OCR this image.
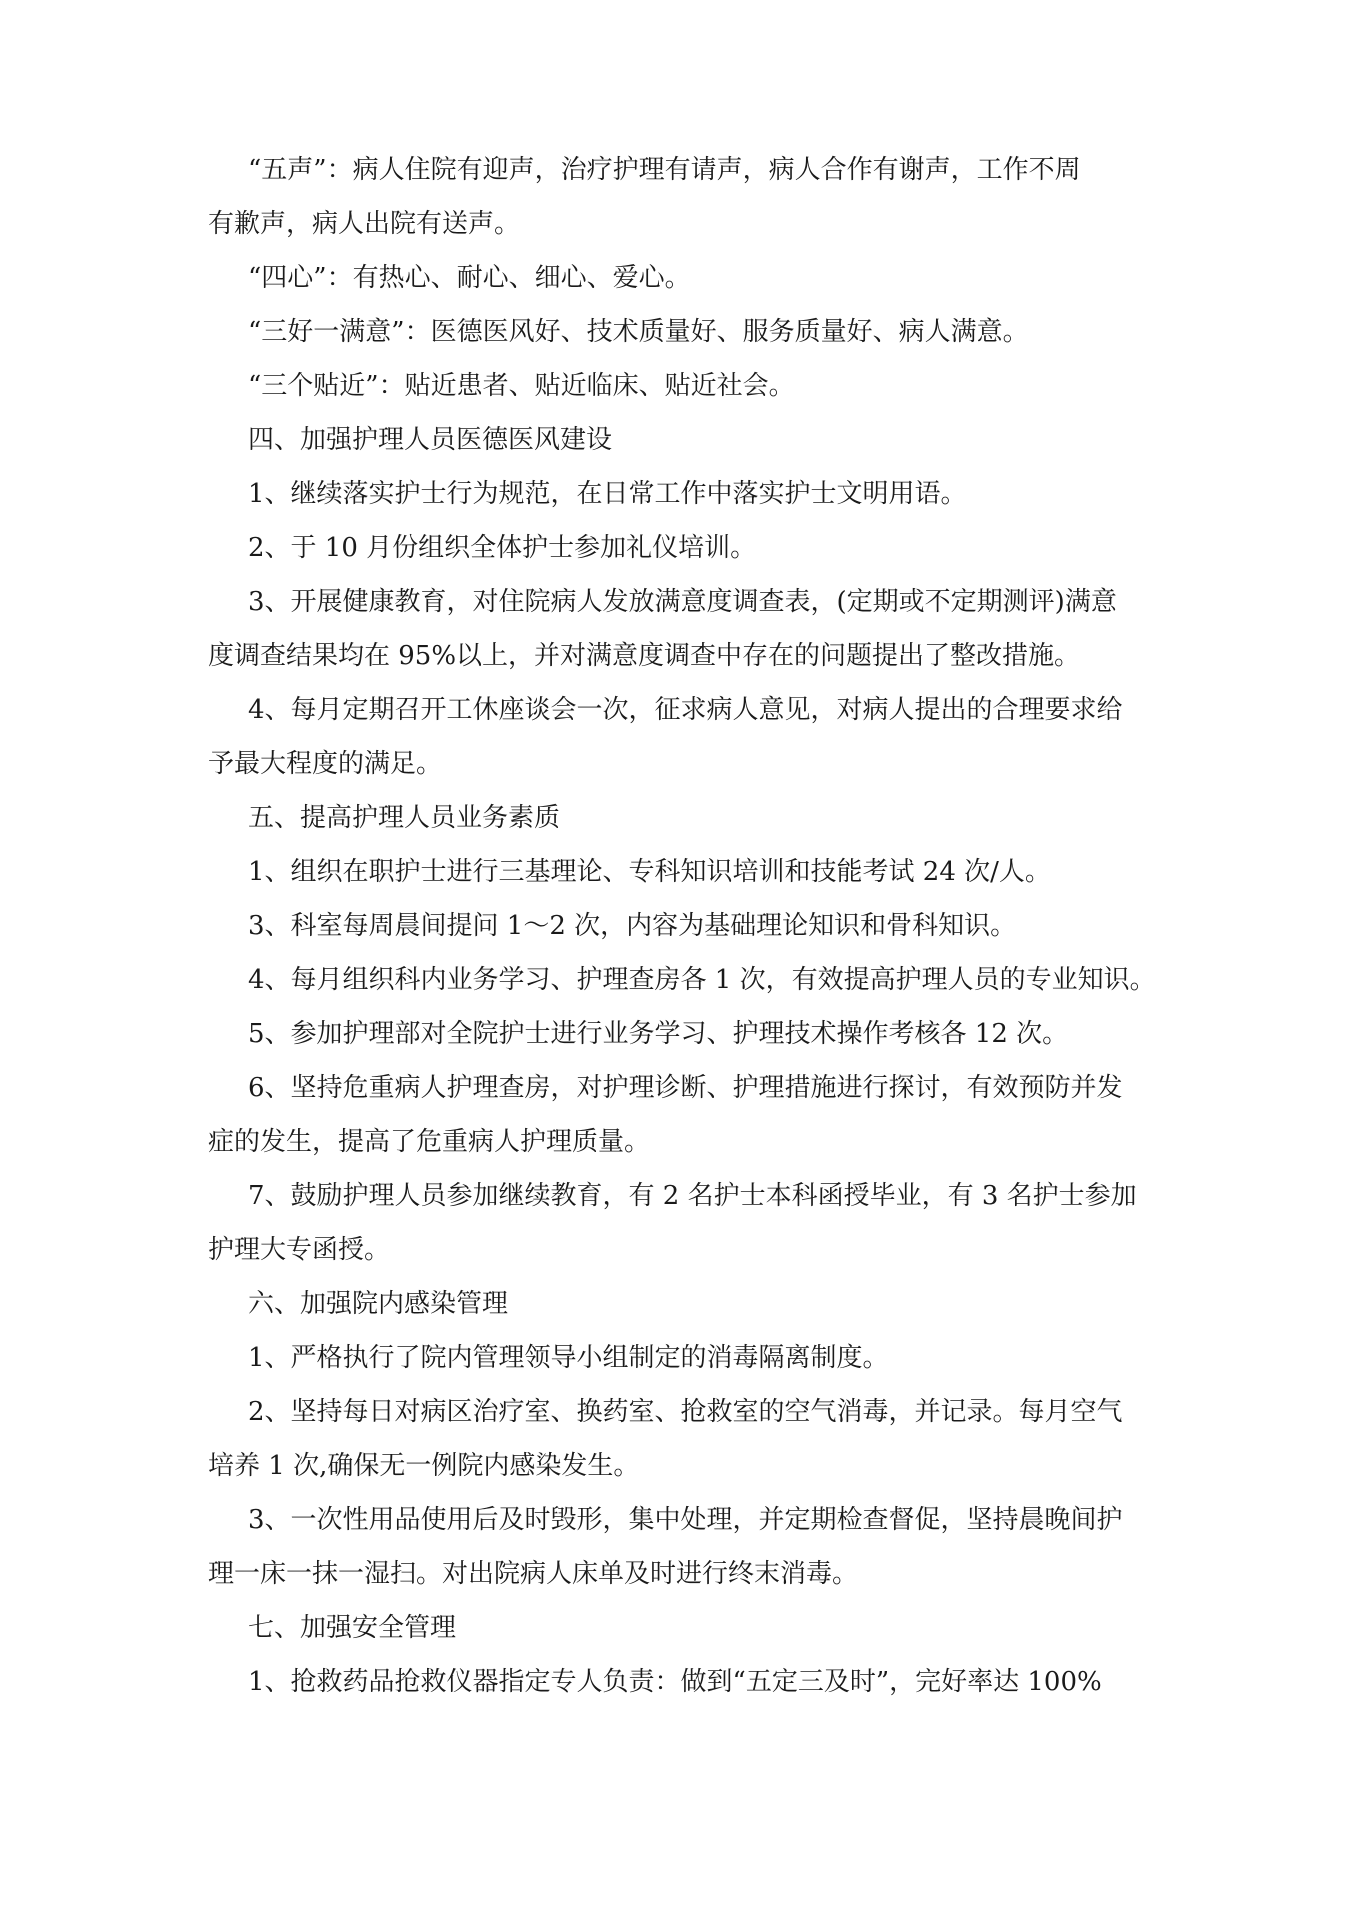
“五声”：病人住院有迎声，治疗护理有请声，病人合作有谢声，工作不周
有歉声，病人出院有送声。

“四心”：有热心、耐心、细心、爱心。

“三好一满意”：医德医风好、技术质量好、服务质量好、病人满意。

“三个贴近”：贴近患者、贴近临床、贴近社会。

四、加强护理人员医德医风建设

1、继续落实护士行为规范，在日常工作中落实护士文明用语。

2、于 10 月份组织全体护士参加礼仪培训。

3、开展健康教育，对住院病人发放满意度调查表，(定期或不定期测评)满意
度调查结果均在 95%以上，并对满意度调查中存在的问题提出了整改措施。

4、每月定期召开工休座谈会一次，征求病人意见，对病人提出的合理要求给
予最大程度的满足。

五、提高护理人员业务素质

1、组织在职护士进行三基理论、专科知识培训和技能考试 24 次/人。

3、科室每周晨间提问 1～2 次，内容为基础理论知识和骨科知识。

4、每月组织科内业务学习、护理查房各 1 次，有效提高护理人员的专业知识。

5、参加护理部对全院护士进行业务学习、护理技术操作考核各 12 次。

6、坚持危重病人护理查房，对护理诊断、护理措施进行探讨，有效预防并发
症的发生，提高了危重病人护理质量。

7、鼓励护理人员参加继续教育，有 2 名护士本科函授毕业，有 3 名护士参加
护理大专函授。

六、加强院内感染管理

1、严格执行了院内管理领导小组制定的消毒隔离制度。

2、坚持每日对病区治疗室、换药室、抢救室的空气消毒，并记录。每月空气
培养 1 次,确保无一例院内感染发生。

3、一次性用品使用后及时毁形，集中处理，并定期检查督促，坚持晨晚间护
理一床一抹一湿扫。对出院病人床单及时进行终末消毒。

七、加强安全管理

1、抢救药品抢救仪器指定专人负责：做到“五定三及时”，完好率达 100%
